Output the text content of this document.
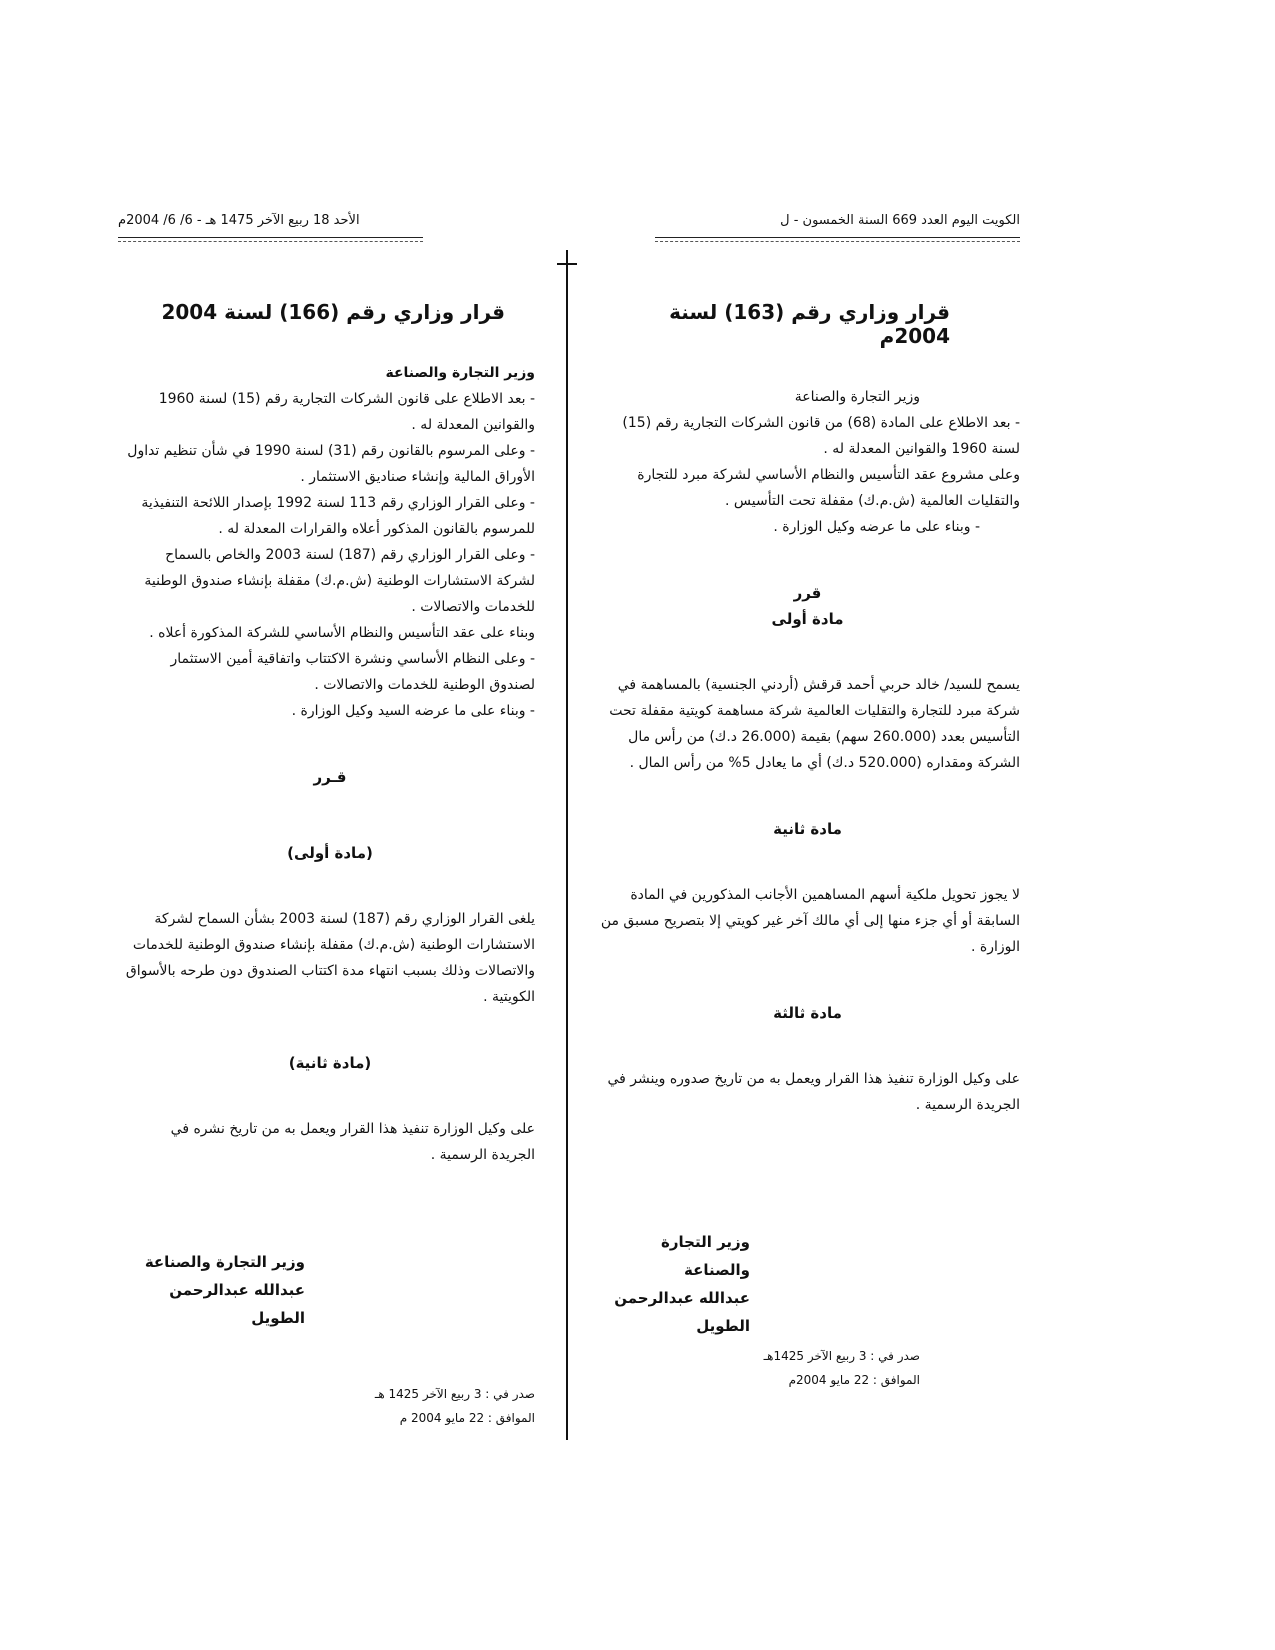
الكويت اليوم العدد 669 السنة الخمسون - ل
الأحد 18 ربيع الآخر 1475 هـ - 6/ 6/ 2004م
قرار وزاري رقم (163) لسنة 2004م

وزير التجارة والصناعة

- بعد الاطلاع على المادة (68) من قانون الشركات التجارية رقم (15) لسنة 1960 والقوانين المعدلة له .

وعلى مشروع عقد التأسيس والنظام الأساسي لشركة مبرد للتجارة والتقليات العالمية (ش.م.ك) مقفلة تحت التأسيس .

- وبناء على ما عرضه وكيل الوزارة .

قرر
مادة أولى

يسمح للسيد/ خالد حربي أحمد قرقش (أردني الجنسية) بالمساهمة في شركة مبرد للتجارة والتقليات العالمية شركة مساهمة كويتية مقفلة تحت التأسيس بعدد (260.000 سهم) بقيمة (26.000 د.ك) من رأس مال الشركة ومقداره (520.000 د.ك) أي ما يعادل 5% من رأس المال .

مادة ثانية

لا يجوز تحويل ملكية أسهم المساهمين الأجانب المذكورين في المادة السابقة أو أي جزء منها إلى أي مالك آخر غير كويتي إلا بتصريح مسبق من الوزارة .

مادة ثالثة

على وكيل الوزارة تنفيذ هذا القرار ويعمل به من تاريخ صدوره وينشر في الجريدة الرسمية .

وزير التجارة والصناعة
عبدالله عبدالرحمن الطويل
صدر في : 3 ربيع الآخر 1425هـ
الموافق : 22 مايو 2004م
قرار وزاري رقم (166) لسنة 2004

وزير التجارة والصناعة

- بعد الاطلاع على قانون الشركات التجارية رقم (15) لسنة 1960 والقوانين المعدلة له .

- وعلى المرسوم بالقانون رقم (31) لسنة 1990 في شأن تنظيم تداول الأوراق المالية وإنشاء صناديق الاستثمار .

- وعلى القرار الوزاري رقم 113 لسنة 1992 بإصدار اللائحة التنفيذية للمرسوم بالقانون المذكور أعلاه والقرارات المعدلة له .

- وعلى القرار الوزاري رقم (187) لسنة 2003 والخاص بالسماح لشركة الاستشارات الوطنية (ش.م.ك) مقفلة بإنشاء صندوق الوطنية للخدمات والاتصالات .

وبناء على عقد التأسيس والنظام الأساسي للشركة المذكورة أعلاه .

- وعلى النظام الأساسي ونشرة الاكتتاب واتفاقية أمين الاستثمار لصندوق الوطنية للخدمات والاتصالات .

- وبناء على ما عرضه السيد وكيل الوزارة .

قـرر
(مادة أولى)

يلغى القرار الوزاري رقم (187) لسنة 2003 بشأن السماح لشركة الاستشارات الوطنية (ش.م.ك) مقفلة بإنشاء صندوق الوطنية للخدمات والاتصالات وذلك بسبب انتهاء مدة اكتتاب الصندوق دون طرحه بالأسواق الكويتية .

(مادة ثانية)

على وكيل الوزارة تنفيذ هذا القرار ويعمل به من تاريخ نشره في الجريدة الرسمية .

وزير التجارة والصناعة
عبدالله عبدالرحمن الطويل
صدر في : 3 ربيع الآخر 1425 هـ
الموافق : 22 مايو 2004 م
